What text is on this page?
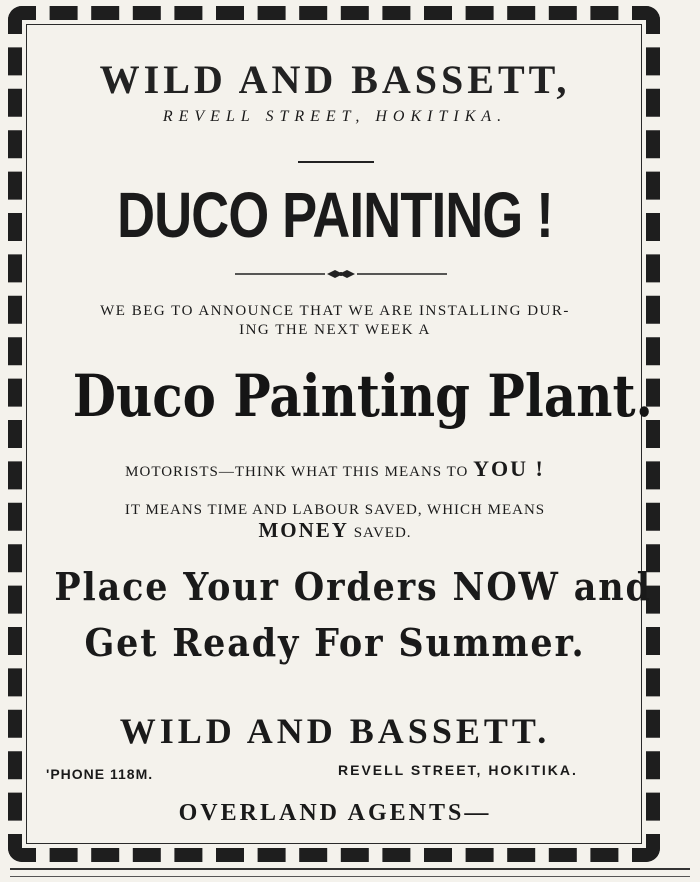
WILD AND BASSETT,
REVELL STREET, HOKITIKA.
DUCO PAINTING !
WE BEG TO ANNOUNCE THAT WE ARE INSTALLING DUR-
ING THE NEXT WEEK A
Duco Painting Plant.
MOTORISTS—THINK WHAT THIS MEANS TO YOU !
IT MEANS TIME AND LABOUR SAVED, WHICH MEANS
MONEY SAVED.
Place Your Orders NOW and
Get Ready For Summer.
WILD AND BASSETT.
'PHONE 118M.	REVELL STREET, HOKITIKA.
OVERLAND AGENTS—
